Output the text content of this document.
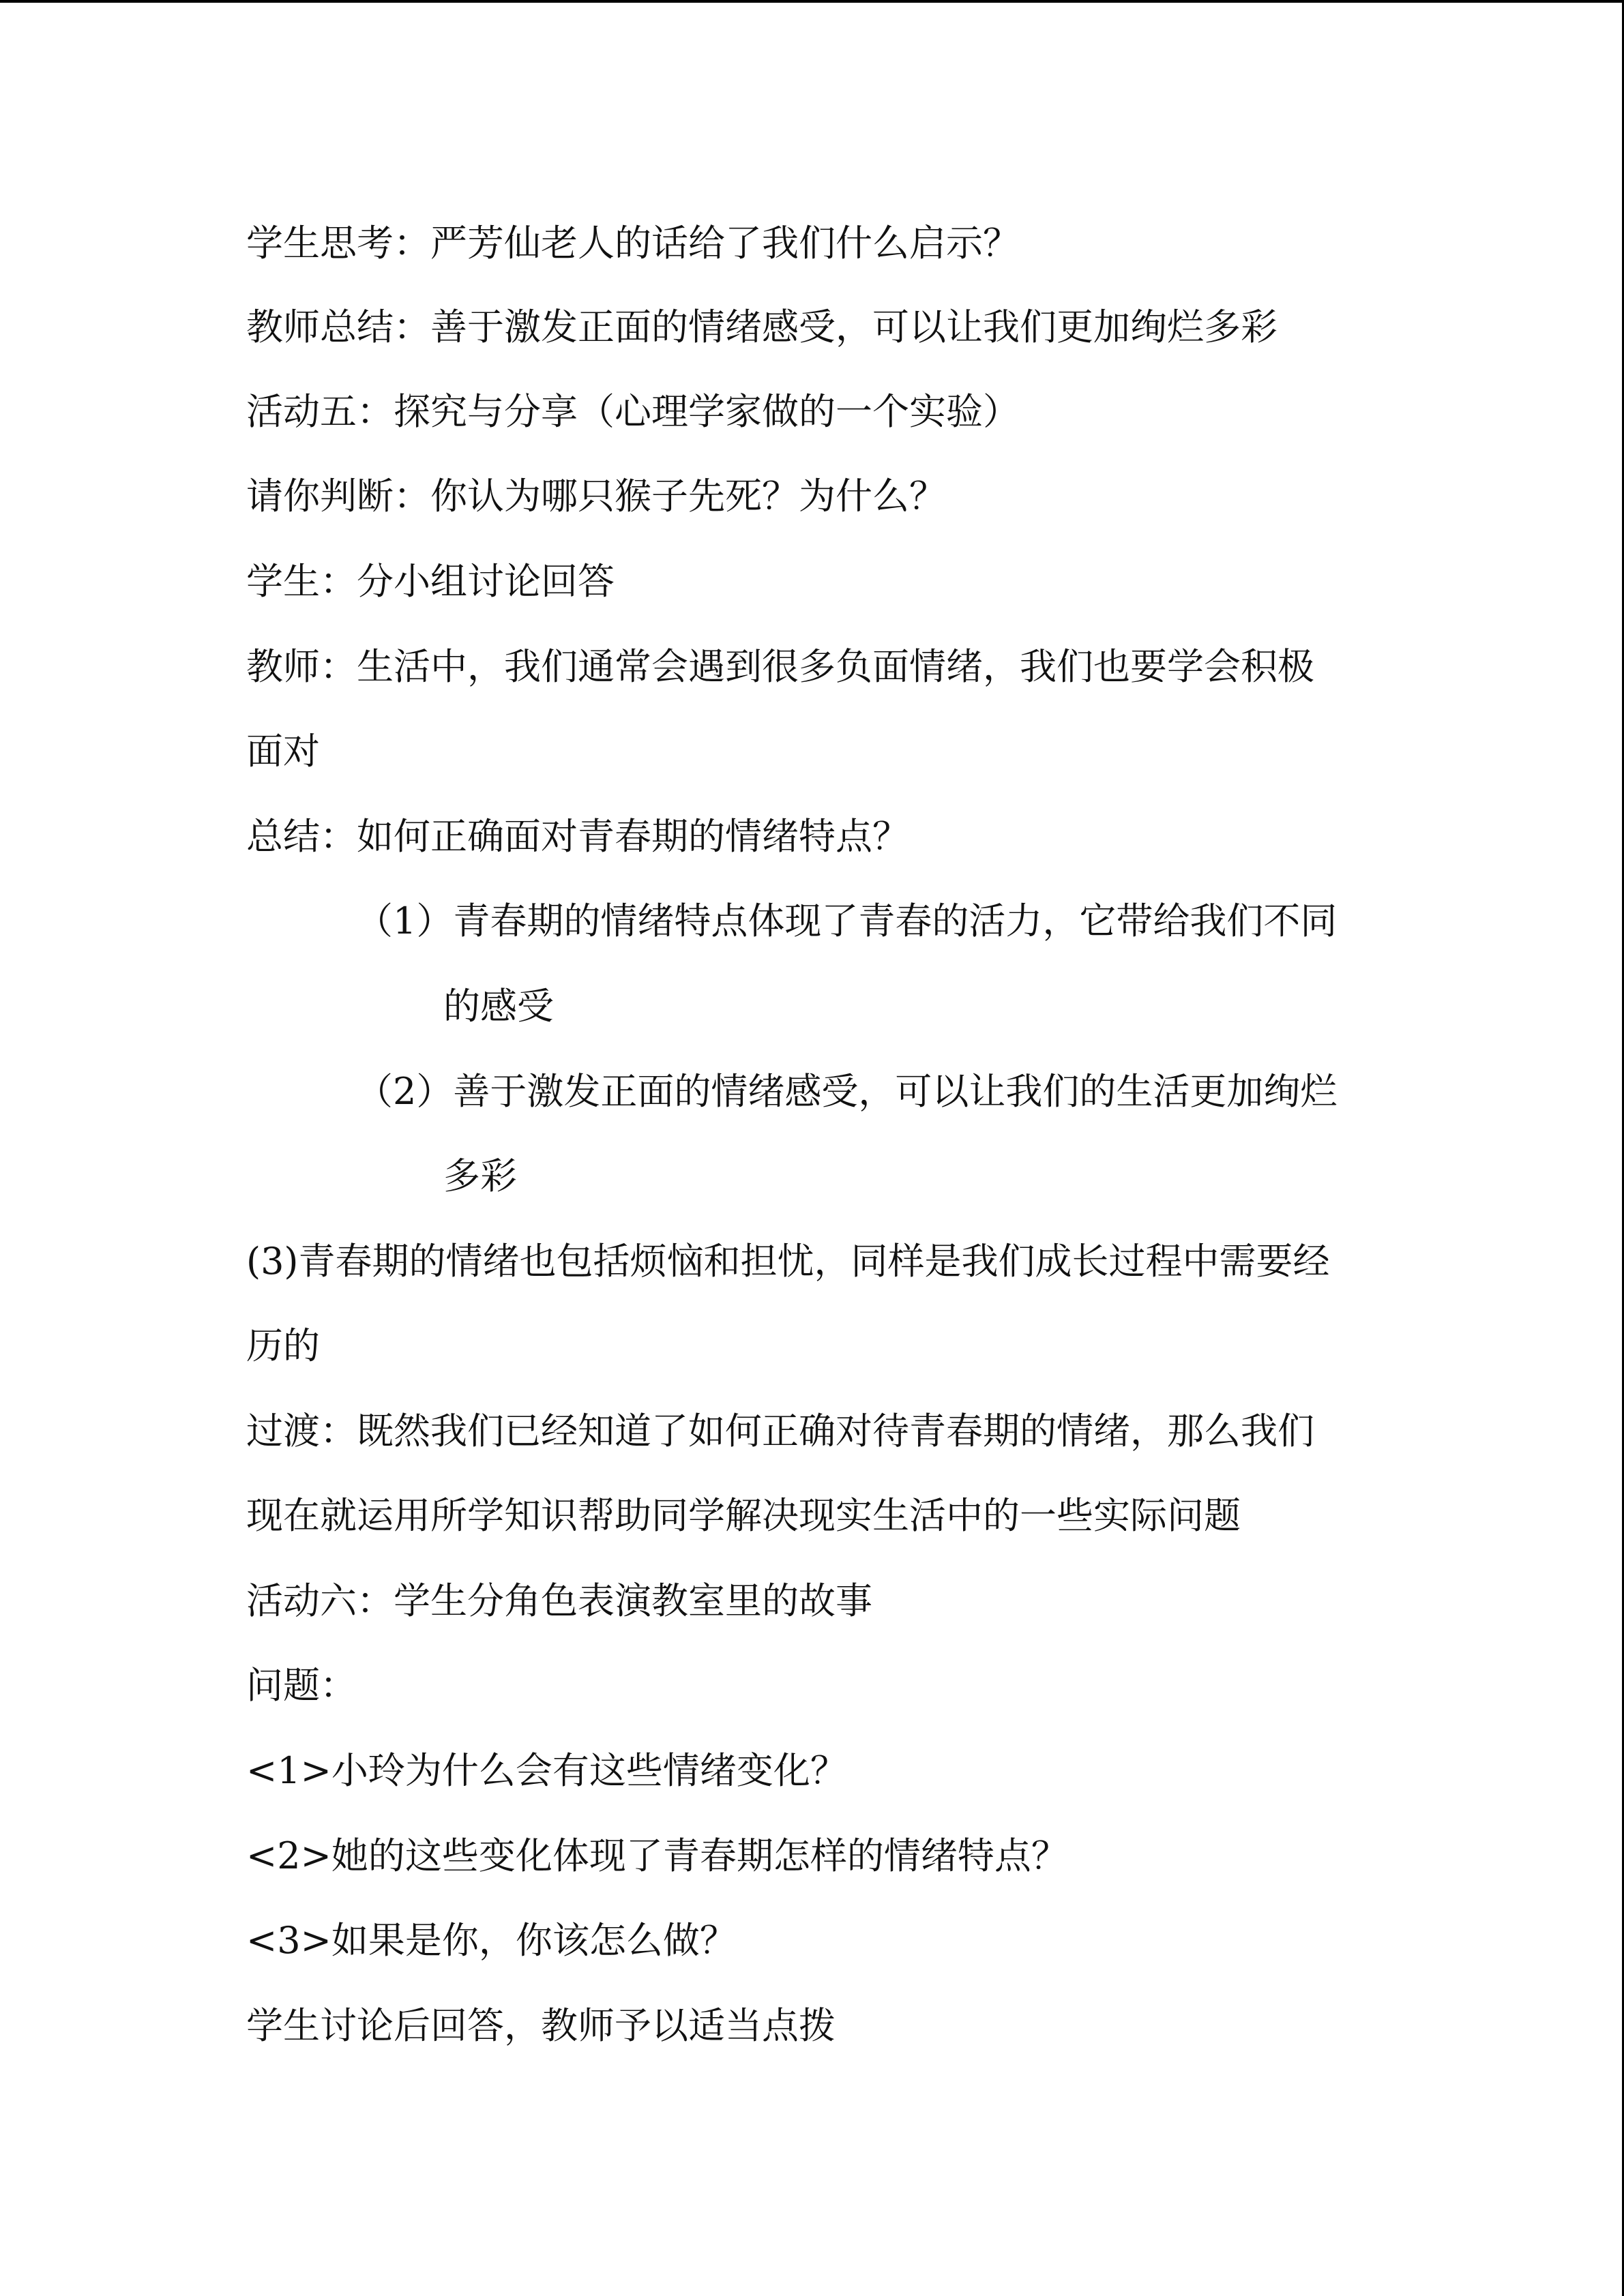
学生思考：严芳仙老人的话给了我们什么启示？
教师总结：善于激发正面的情绪感受，可以让我们更加绚烂多彩
活动五：探究与分享（心理学家做的一个实验）
请你判断：你认为哪只猴子先死？为什么？
学生：分小组讨论回答
教师：生活中，我们通常会遇到很多负面情绪，我们也要学会积极
面对
总结：如何正确面对青春期的情绪特点？
（1）青春期的情绪特点体现了青春的活力，它带给我们不同
的感受
（2）善于激发正面的情绪感受，可以让我们的生活更加绚烂
多彩
(3)青春期的情绪也包括烦恼和担忧，同样是我们成长过程中需要经
历的
过渡：既然我们已经知道了如何正确对待青春期的情绪，那么我们
现在就运用所学知识帮助同学解决现实生活中的一些实际问题
活动六：学生分角色表演教室里的故事
问题：
<1>小玲为什么会有这些情绪变化？
<2>她的这些变化体现了青春期怎样的情绪特点？
<3>如果是你，你该怎么做？
学生讨论后回答，教师予以适当点拨
